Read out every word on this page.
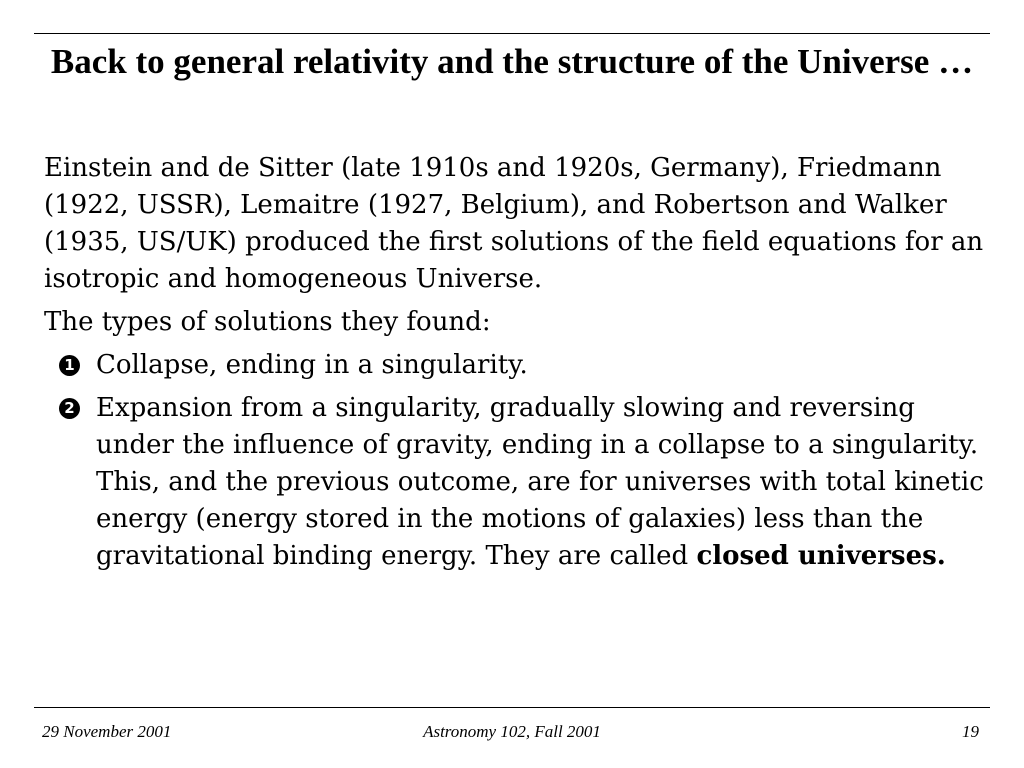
Back to general relativity and the structure of the Universe …

Einstein and de Sitter (late 1910s and 1920s, Germany), Friedmann (1922, USSR), Lemaitre (1927, Belgium), and Robertson and Walker (1935, US/UK) produced the first solutions of the field equations for an isotropic and homogeneous Universe.

The types of solutions they found:

1 Collapse, ending in a singularity.
2 Expansion from a singularity, gradually slowing and reversing under the influence of gravity, ending in a collapse to a singularity.
This, and the previous outcome, are for universes with total kinetic energy (energy stored in the motions of galaxies) less than the gravitational binding energy. They are called closed universes.
29 November 2001	Astronomy 102, Fall 2001	19
